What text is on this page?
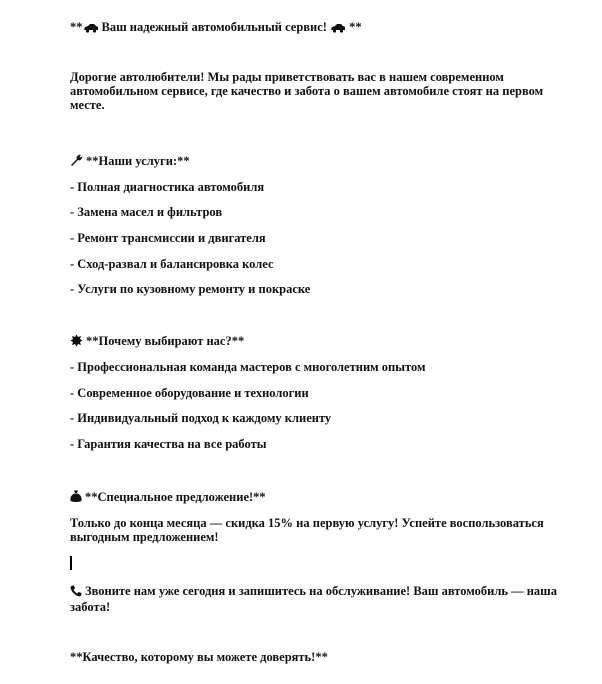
** Ваш надежный автомобильный сервис! **
Дорогие автолюбители! Мы рады приветствовать вас в нашем современном автомобильном сервисе, где качество и забота о вашем автомобиле стоят на первом месте.
**Наши услуги:**
- Полная диагностика автомобиля
- Замена масел и фильтров
- Ремонт трансмиссии и двигателя
- Сход-развал и балансировка колес
- Услуги по кузовному ремонту и покраске
**Почему выбирают нас?**
- Профессиональная команда мастеров с многолетним опытом
- Современное оборудование и технологии
- Индивидуальный подход к каждому клиенту
- Гарантия качества на все работы
**Специальное предложение!**
Только до конца месяца — скидка 15% на первую услугу! Успейте воспользоваться выгодным предложением!
Звоните нам уже сегодня и запишитесь на обслуживание! Ваш автомобиль — наша забота!
**Качество, которому вы можете доверять!**
